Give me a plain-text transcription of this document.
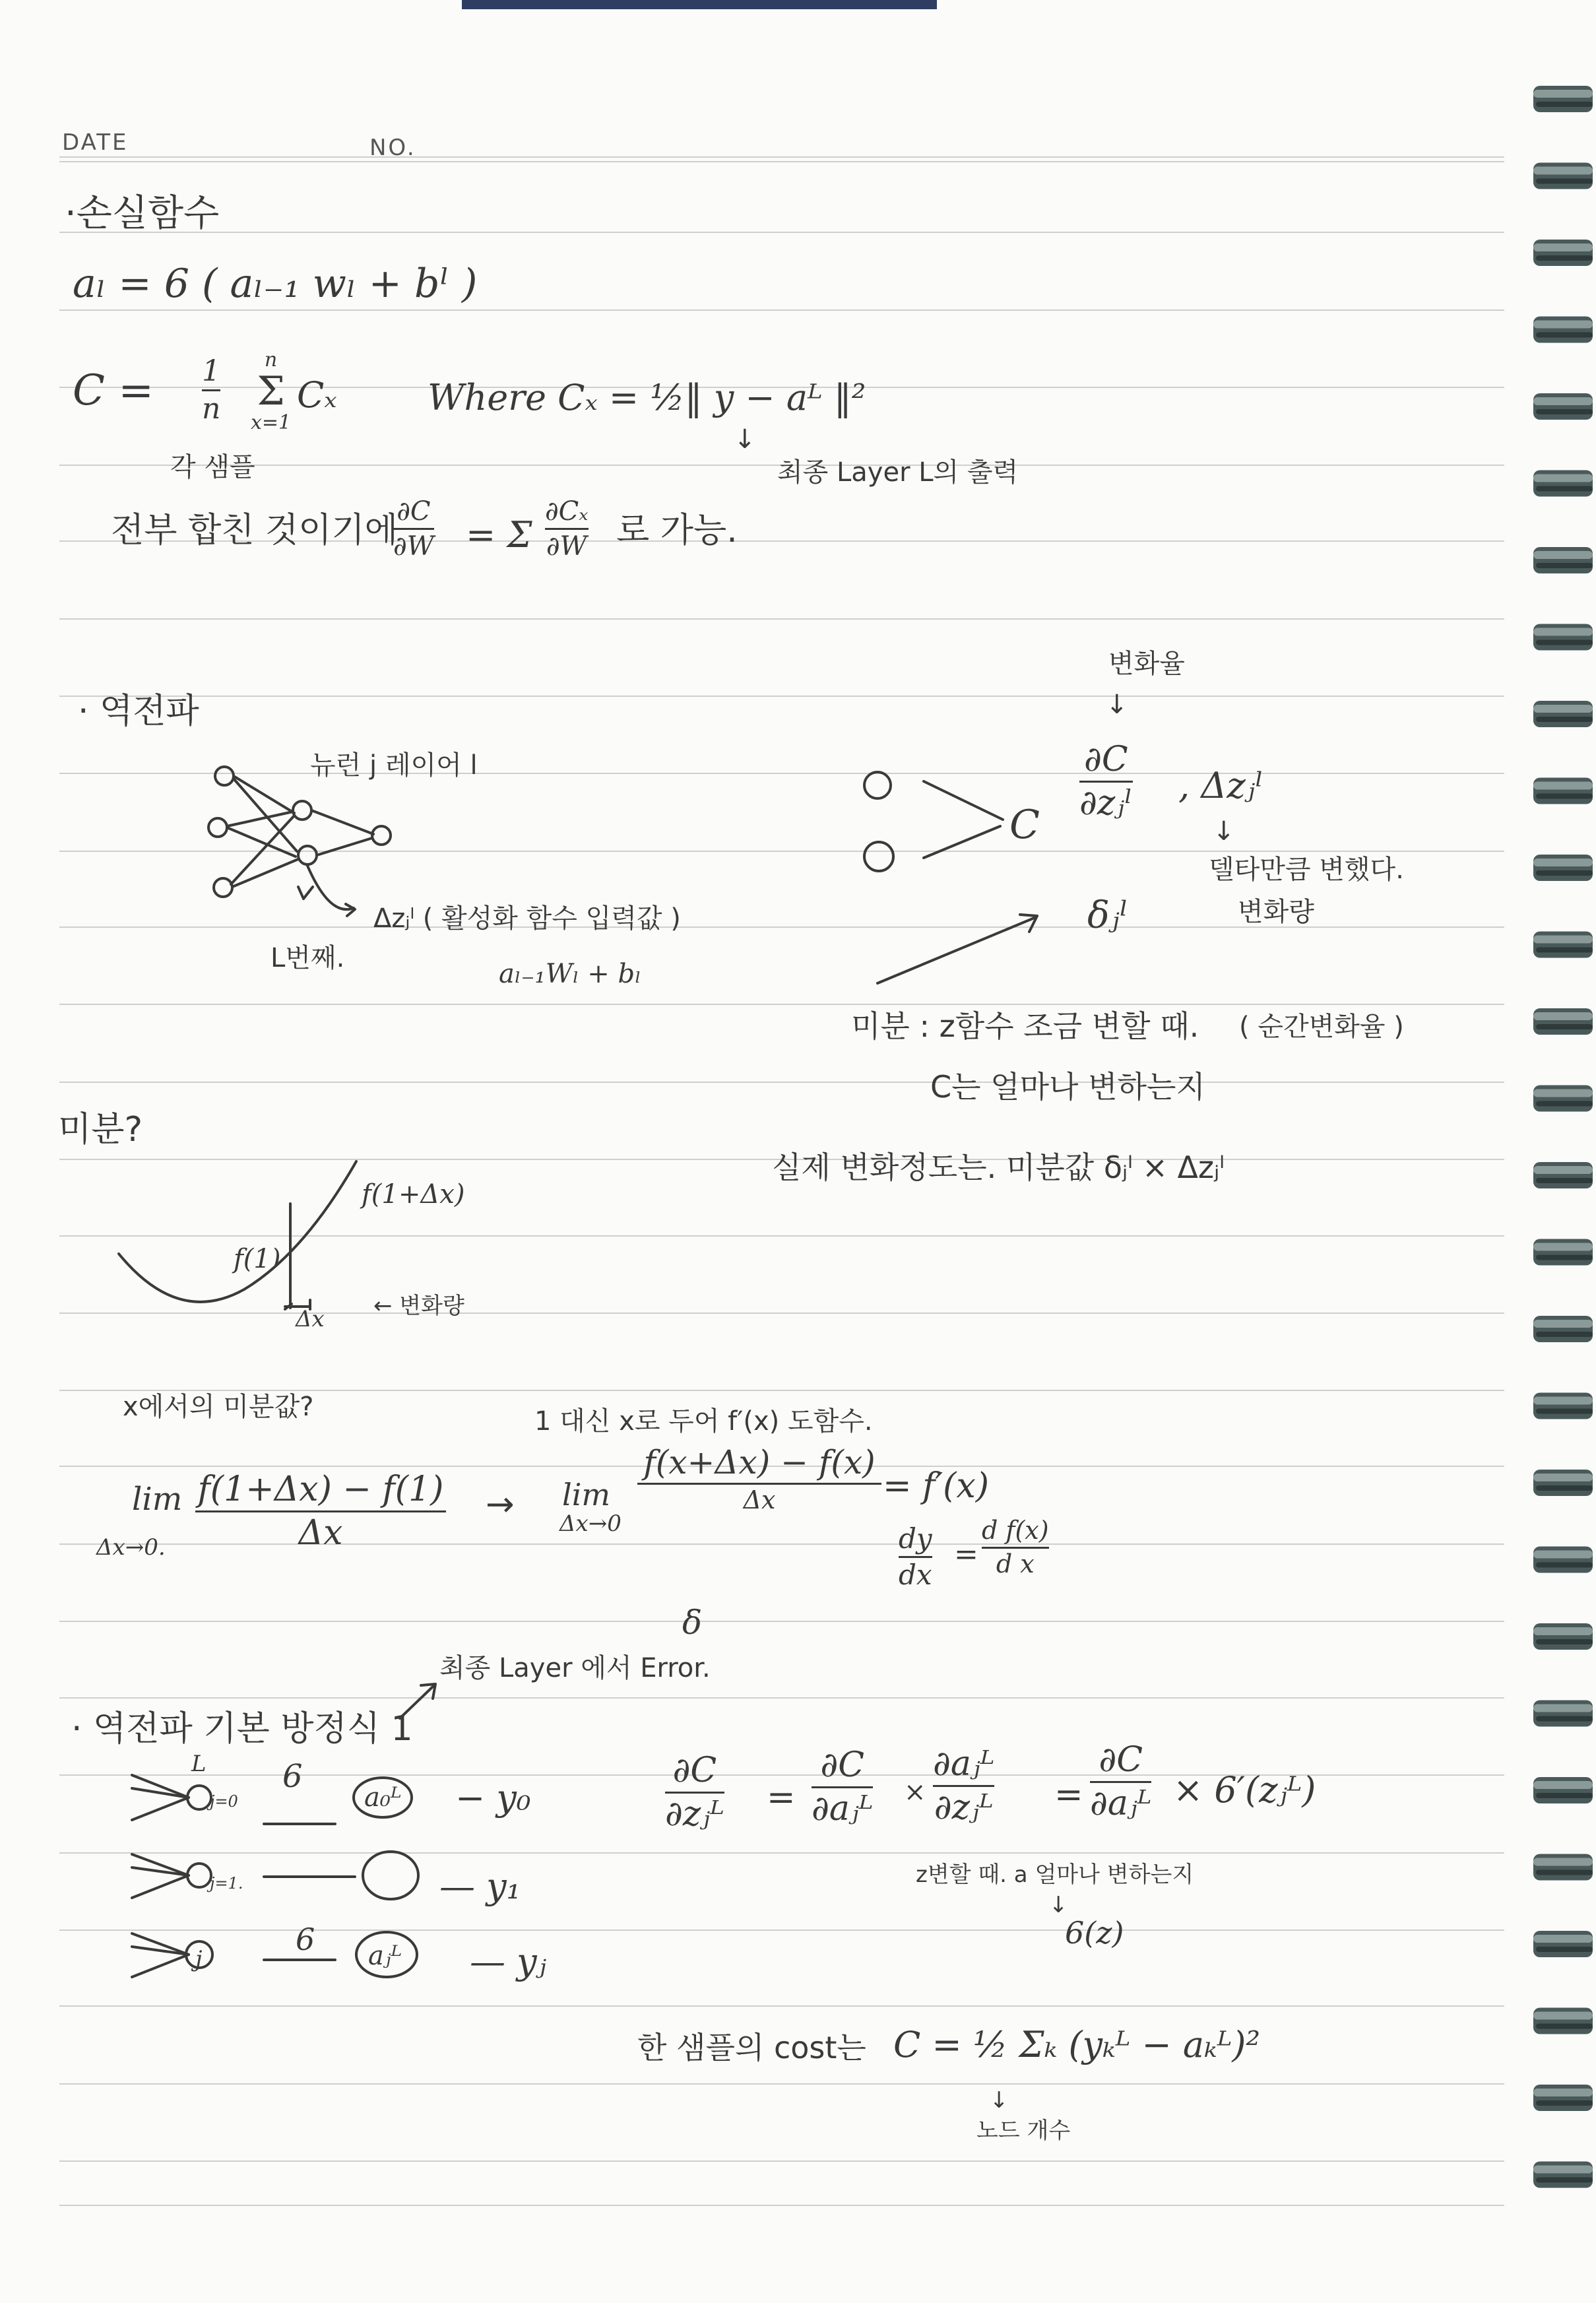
DATE	NO.
·손실함수
aₗ = 6 ( aₗ₋₁ wₗ + bˡ )
C = 1
n
n
Σ
x=1
Cₓ	Where Cₓ = ½‖ y − aᴸ ‖²
↓
각 샘플	최종 Layer L의 출력
전부 합친 것이기에
∂C
∂W = Σ
∂Cₓ
∂W 로 가능.
· 역전파
뉴런 j 레이어 l
L번째.
Δzⱼˡ ( 활성화 함수 입력값 )
aₗ₋₁Wₗ + bₗ
C
변화율
↓
∂C
∂zⱼˡ , Δzⱼˡ
↓
δⱼˡ
델타만큼 변했다.
변화량
미분 : z함수 조금 변할 때. ( 순간변화율 )
C는 얼마나 변하는지
실제 변화정도는. 미분값 δⱼˡ × Δzⱼˡ
미분?
f(1+Δx)
f(1)
Δx ← 변화량
x에서의 미분값?	1 대신 x로 두어 f′(x) 도함수.
lim
Δx→0.
f(1+Δx) − f(1)
Δx
→ lim
Δx→0
f(x+Δx) − f(x)
Δx	= f′(x)
dy
dx
=
d f(x)
d x
δ
최종 Layer 에서 Error.
· 역전파 기본 방정식 1
L
j=0
6
a₀ᴸ − y₀
j=1.	— y₁
j
6 aⱼᴸ — yⱼ
∂C
∂zⱼᴸ =
∂C
∂aⱼᴸ ×
∂aⱼᴸ
∂zⱼᴸ =
∂C
∂aⱼᴸ × 6′(zⱼᴸ)
z변할 때. a 얼마나 변하는지
↓
6(z)
한 샘플의 cost는 C = ½ Σₖ (yₖᴸ − aₖᴸ)²
↓
노드 개수
